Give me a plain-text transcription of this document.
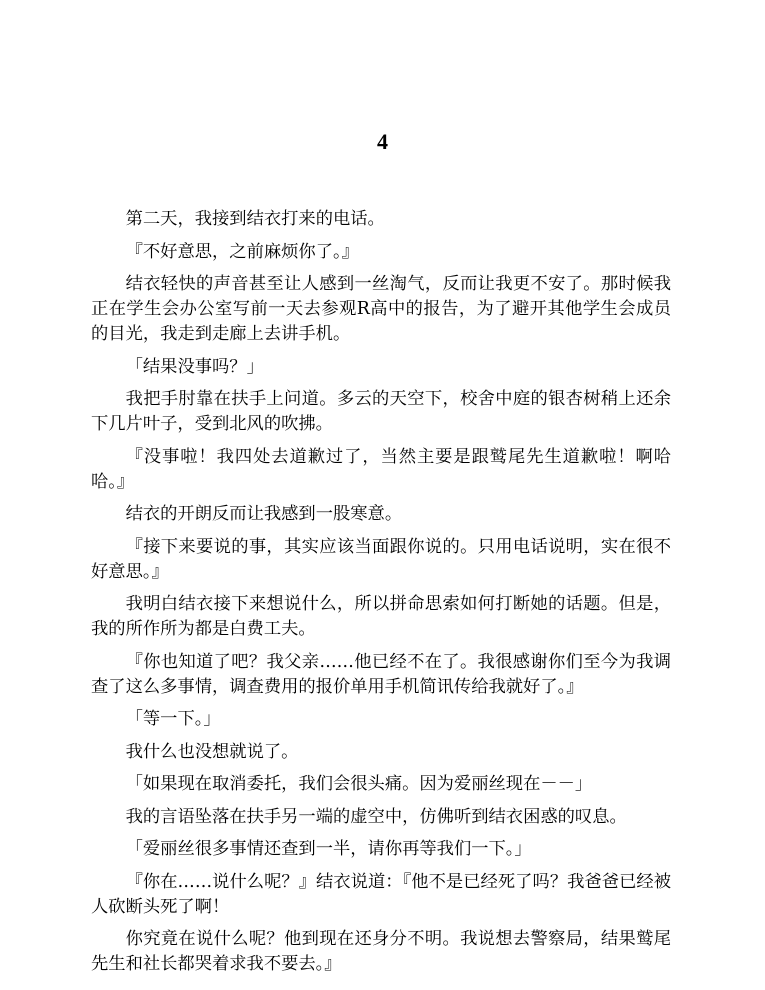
4

第二天，我接到结衣打来的电话。

『不好意思，之前麻烦你了。』

结衣轻快的声音甚至让人感到一丝淘气，反而让我更不安了。那时候我正在学生会办公室写前一天去参观R高中的报告，为了避开其他学生会成员的目光，我走到走廊上去讲手机。

「结果没事吗？」

我把手肘靠在扶手上问道。多云的天空下，校舍中庭的银杏树稍上还余下几片叶子，受到北风的吹拂。

『没事啦！我四处去道歉过了，当然主要是跟鹫尾先生道歉啦！啊哈哈。』

结衣的开朗反而让我感到一股寒意。

『接下来要说的事，其实应该当面跟你说的。只用电话说明，实在很不好意思。』

我明白结衣接下来想说什么，所以拼命思索如何打断她的话题。但是，我的所作所为都是白费工夫。

『你也知道了吧？我父亲……他已经不在了。我很感谢你们至今为我调查了这么多事情，调查费用的报价单用手机简讯传给我就好了。』

「等一下。」

我什么也没想就说了。

「如果现在取消委托，我们会很头痛。因为爱丽丝现在－－」

我的言语坠落在扶手另一端的虚空中，仿佛听到结衣困惑的叹息。

「爱丽丝很多事情还查到一半，请你再等我们一下。」

『你在……说什么呢？』结衣说道：『他不是已经死了吗？我爸爸已经被人砍断头死了啊！

你究竟在说什么呢？他到现在还身分不明。我说想去警察局，结果鹫尾先生和社长都哭着求我不要去。』
